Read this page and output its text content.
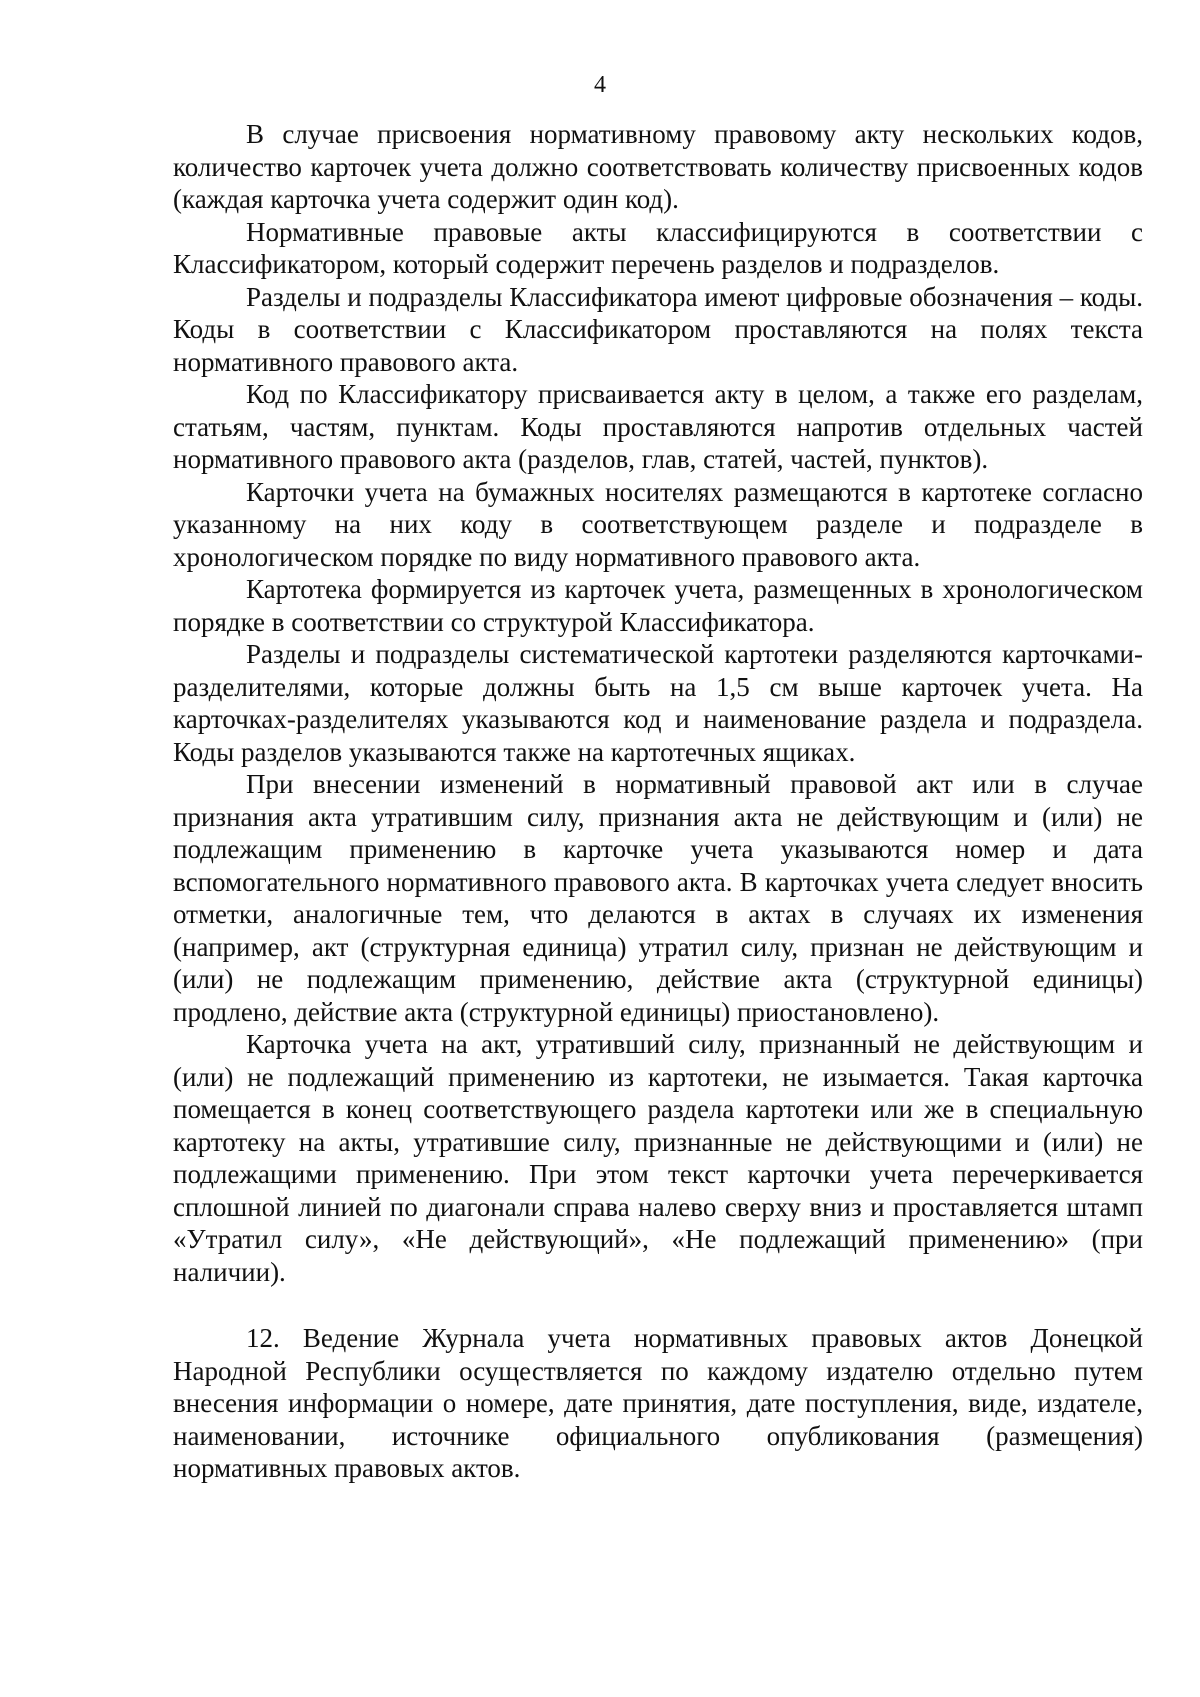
4

В случае присвоения нормативному правовому акту нескольких кодов, количество карточек учета должно соответствовать количеству присвоенных кодов (каждая карточка учета содержит один код).

Нормативные правовые акты классифицируются в соответствии с Классификатором, который содержит перечень разделов и подразделов.

Разделы и подразделы Классификатора имеют цифровые обозначения – коды. Коды в соответствии с Классификатором проставляются на полях текста нормативного правового акта.

Код по Классификатору присваивается акту в целом, а также его разделам, статьям, частям, пунктам. Коды проставляются напротив отдельных частей нормативного правового акта (разделов, глав, статей, частей, пунктов).

Карточки учета на бумажных носителях размещаются в картотеке согласно указанному на них коду в соответствующем разделе и подразделе в хронологическом порядке по виду нормативного правового акта.

Картотека формируется из карточек учета, размещенных в хронологическом порядке в соответствии со структурой Классификатора.

Разделы и подразделы систематической картотеки разделяются карточками-разделителями, которые должны быть на 1,5 см выше карточек учета. На карточках-разделителях указываются код и наименование раздела и подраздела. Коды разделов указываются также на картотечных ящиках.

При внесении изменений в нормативный правовой акт или в случае признания акта утратившим силу, признания акта не действующим и (или) не подлежащим применению в карточке учета указываются номер и дата вспомогательного нормативного правового акта. В карточках учета следует вносить отметки, аналогичные тем, что делаются в актах в случаях их изменения (например, акт (структурная единица) утратил силу, признан не действующим и (или) не подлежащим применению, действие акта (структурной единицы) продлено, действие акта (структурной единицы) приостановлено).

Карточка учета на акт, утративший силу, признанный не действующим и (или) не подлежащий применению из картотеки, не изымается. Такая карточка помещается в конец соответствующего раздела картотеки или же в специальную картотеку на акты, утратившие силу, признанные не действующими и (или) не подлежащими применению. При этом текст карточки учета перечеркивается сплошной линией по диагонали справа налево сверху вниз и проставляется штамп «Утратил силу», «Не действующий», «Не подлежащий применению» (при наличии).

12. Ведение Журнала учета нормативных правовых актов Донецкой Народной Республики осуществляется по каждому издателю отдельно путем внесения информации о номере, дате принятия, дате поступления, виде, издателе, наименовании, источнике официального опубликования (размещения) нормативных правовых актов.
